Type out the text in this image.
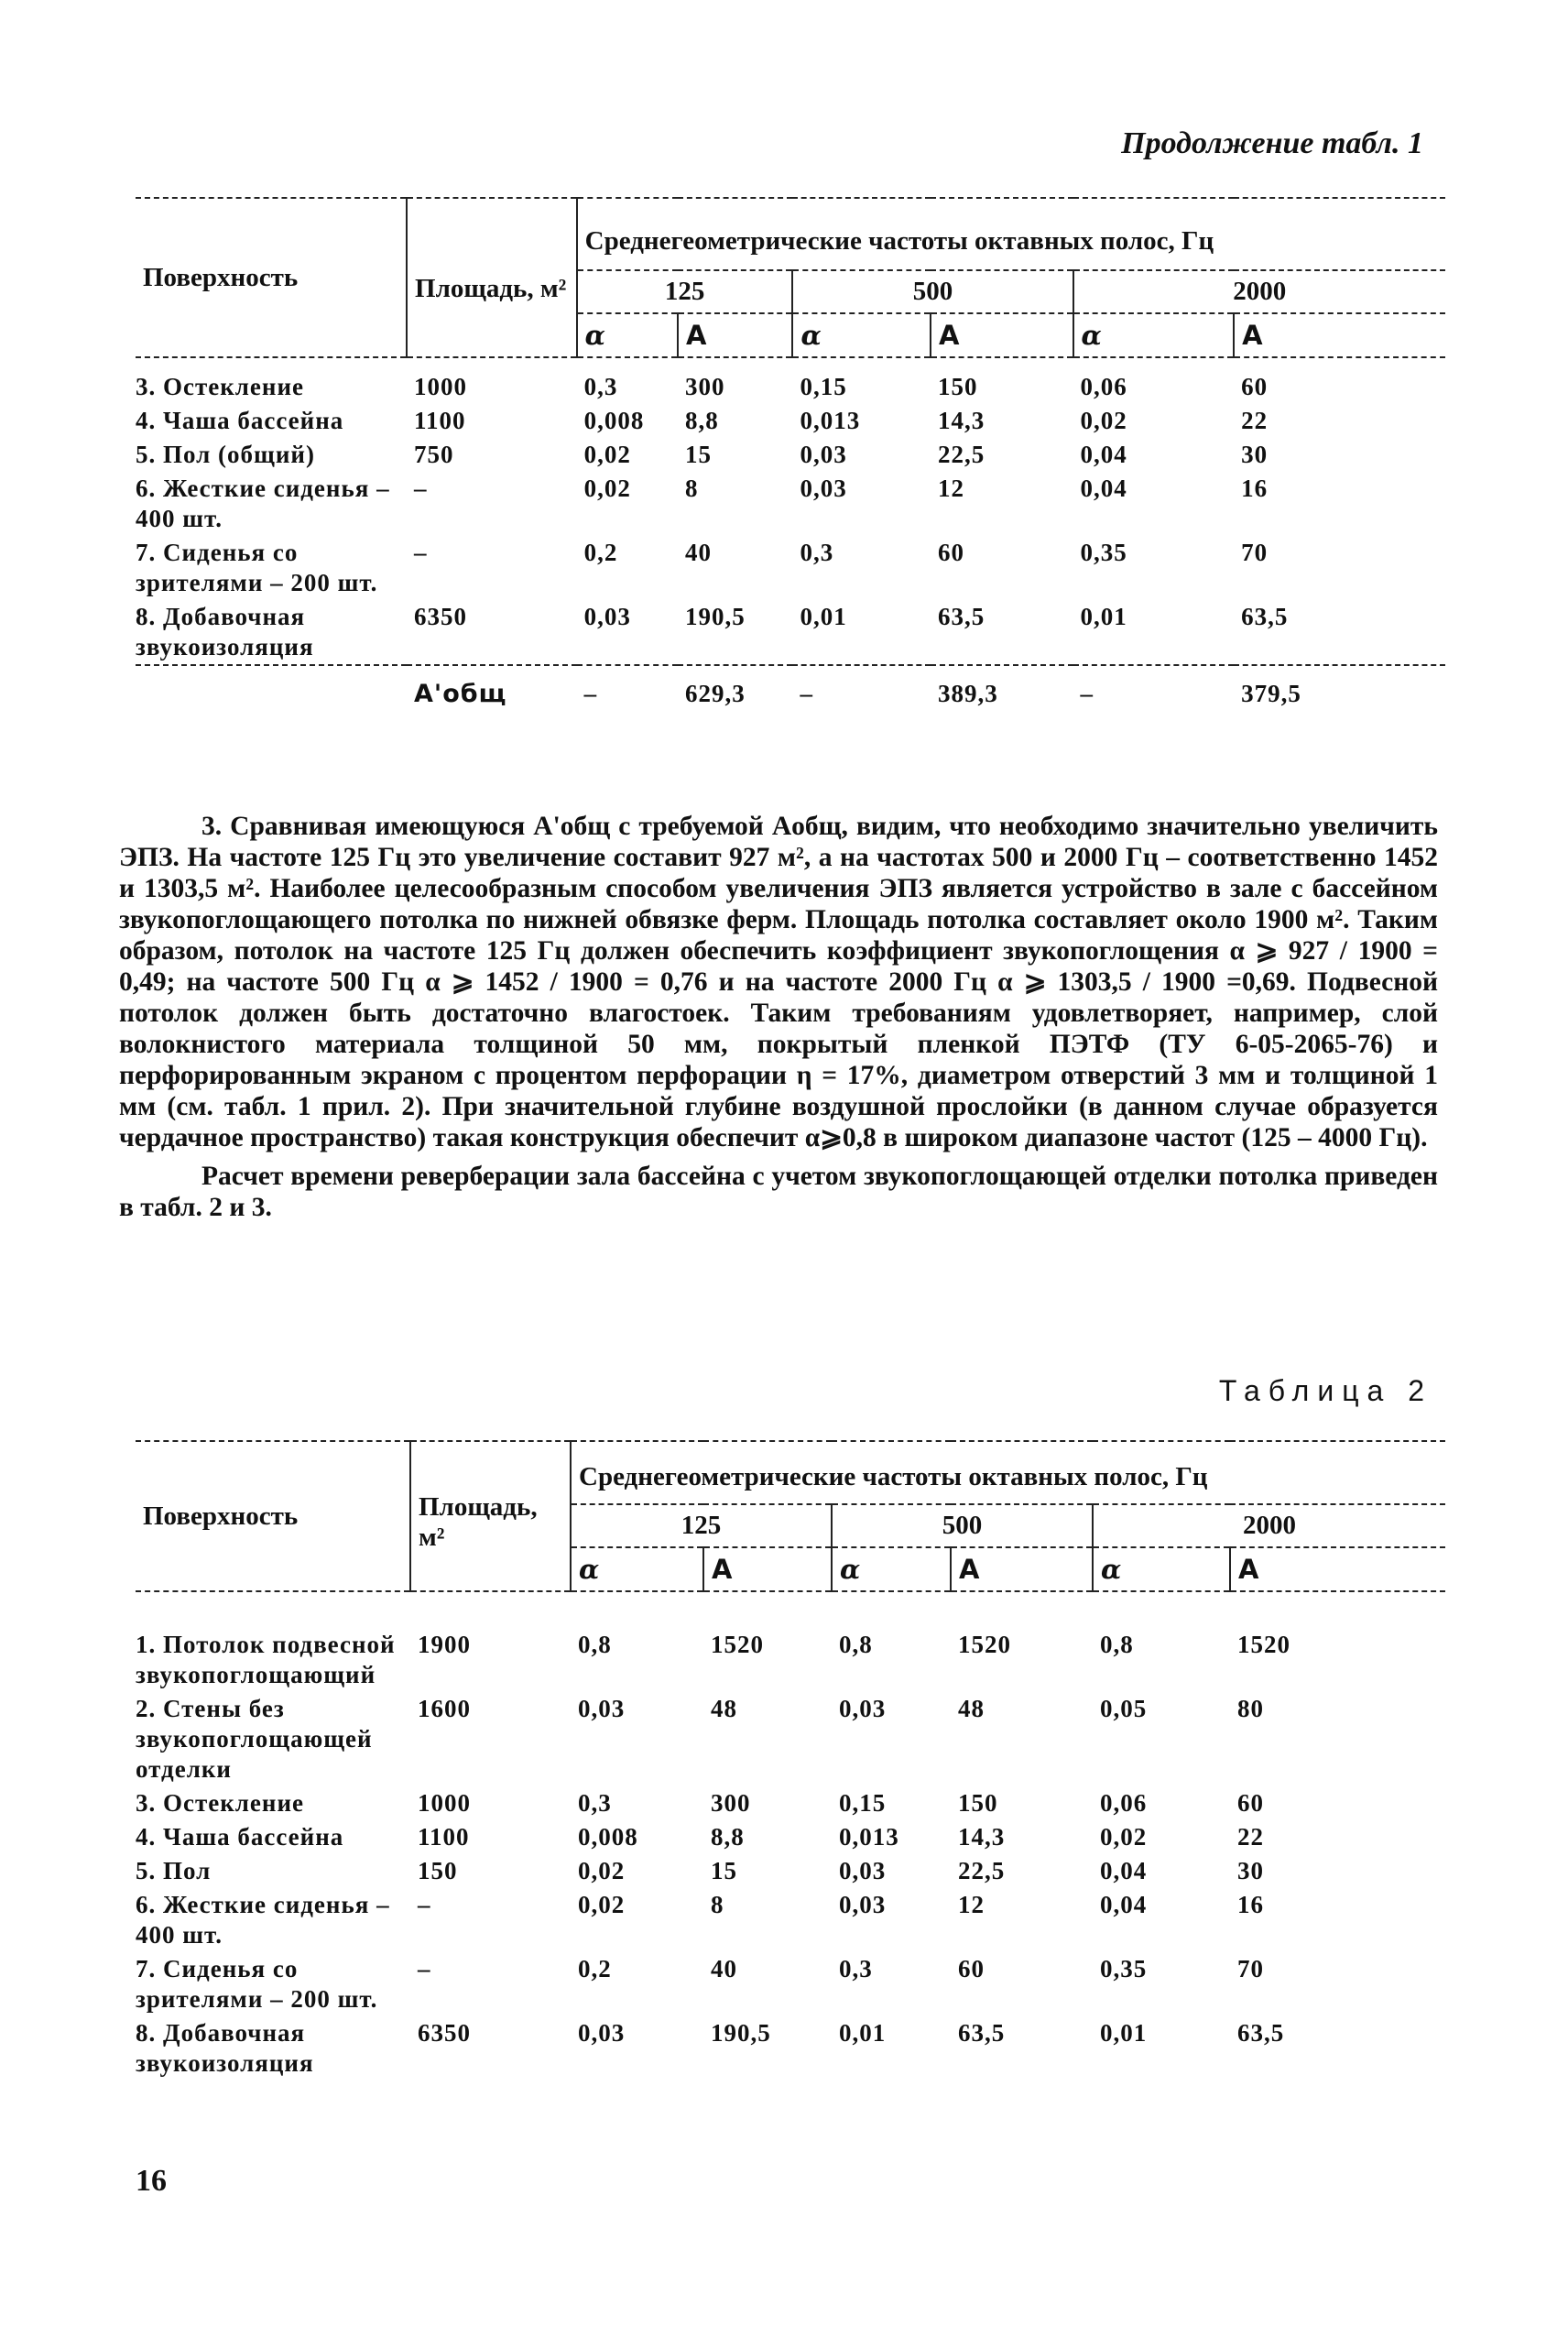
Продолжение табл. 1
Поверхность	Площадь, м²	Среднегеометрические частоты октавных полос, Гц					
		125		500		2000	
		α	A	α	A	α	A

3. Остекление	1000	0,3	300	0,15	150	0,06	60
4. Чаша бассейна	1100	0,008	8,8	0,013	14,3	0,02	22
5. Пол (общий)	750	0,02	15	0,03	22,5	0,04	30
6. Жесткие сиденья – 400 шт.	–	0,02	8	0,03	12	0,04	16
7. Сиденья со зрителями – 200 шт.	–	0,2	40	0,3	60	0,35	70
8. Добавочная звукоизоляция	6350	0,03	190,5	0,01	63,5	0,01	63,5
	A'общ	–	629,3	–	389,3	–	379,5

3. Сравнивая имеющуюся A'общ с требуемой Aобщ, видим, что необходимо значительно увеличить ЭПЗ. На частоте 125 Гц это увеличение составит 927 м², а на частотах 500 и 2000 Гц – соответственно 1452 и 1303,5 м². Наиболее целесообразным способом увеличения ЭПЗ является устройство в зале с бассейном звукопоглощающего потолка по нижней обвязке ферм. Площадь потолка составляет около 1900 м². Таким образом, потолок на частоте 125 Гц должен обеспечить коэффициент звукопоглощения α ⩾ 927 / 1900 = 0,49; на частоте 500 Гц α ⩾ 1452 / 1900 = 0,76 и на частоте 2000 Гц α ⩾ 1303,5 / 1900 =0,69. Подвесной потолок должен быть достаточно влагостоек. Таким требованиям удовлетворяет, например, слой волокнистого материала толщиной 50 мм, покрытый пленкой ПЭТФ (ТУ 6-05-2065-76) и перфорированным экраном с процентом перфорации η = 17%, диаметром отверстий 3 мм и толщиной 1 мм (см. табл. 1 прил. 2). При значительной глубине воздушной прослойки (в данном случае образуется чердачное пространство) такая конструкция обеспечит α⩾0,8 в широком диапазоне частот (125 – 4000 Гц).

Расчет времени реверберации зала бассейна с учетом звукопоглощающей отделки потолка приведен в табл. 2 и 3.

Таблица 2
Поверхность	Площадь, м²	Среднегеометрические частоты октавных полос, Гц					
		125		500		2000	
		α	A	α	A	α	A

1. Потолок подвесной звукопоглощающий	1900	0,8	1520	0,8	1520	0,8	1520
2. Стены без звукопоглощающей отделки	1600	0,03	48	0,03	48	0,05	80
3. Остекление	1000	0,3	300	0,15	150	0,06	60
4. Чаша бассейна	1100	0,008	8,8	0,013	14,3	0,02	22
5. Пол	150	0,02	15	0,03	22,5	0,04	30
6. Жесткие сиденья – 400 шт.	–	0,02	8	0,03	12	0,04	16
7. Сиденья со зрителями – 200 шт.	–	0,2	40	0,3	60	0,35	70
8. Добавочная звукоизоляция	6350	0,03	190,5	0,01	63,5	0,01	63,5
16
